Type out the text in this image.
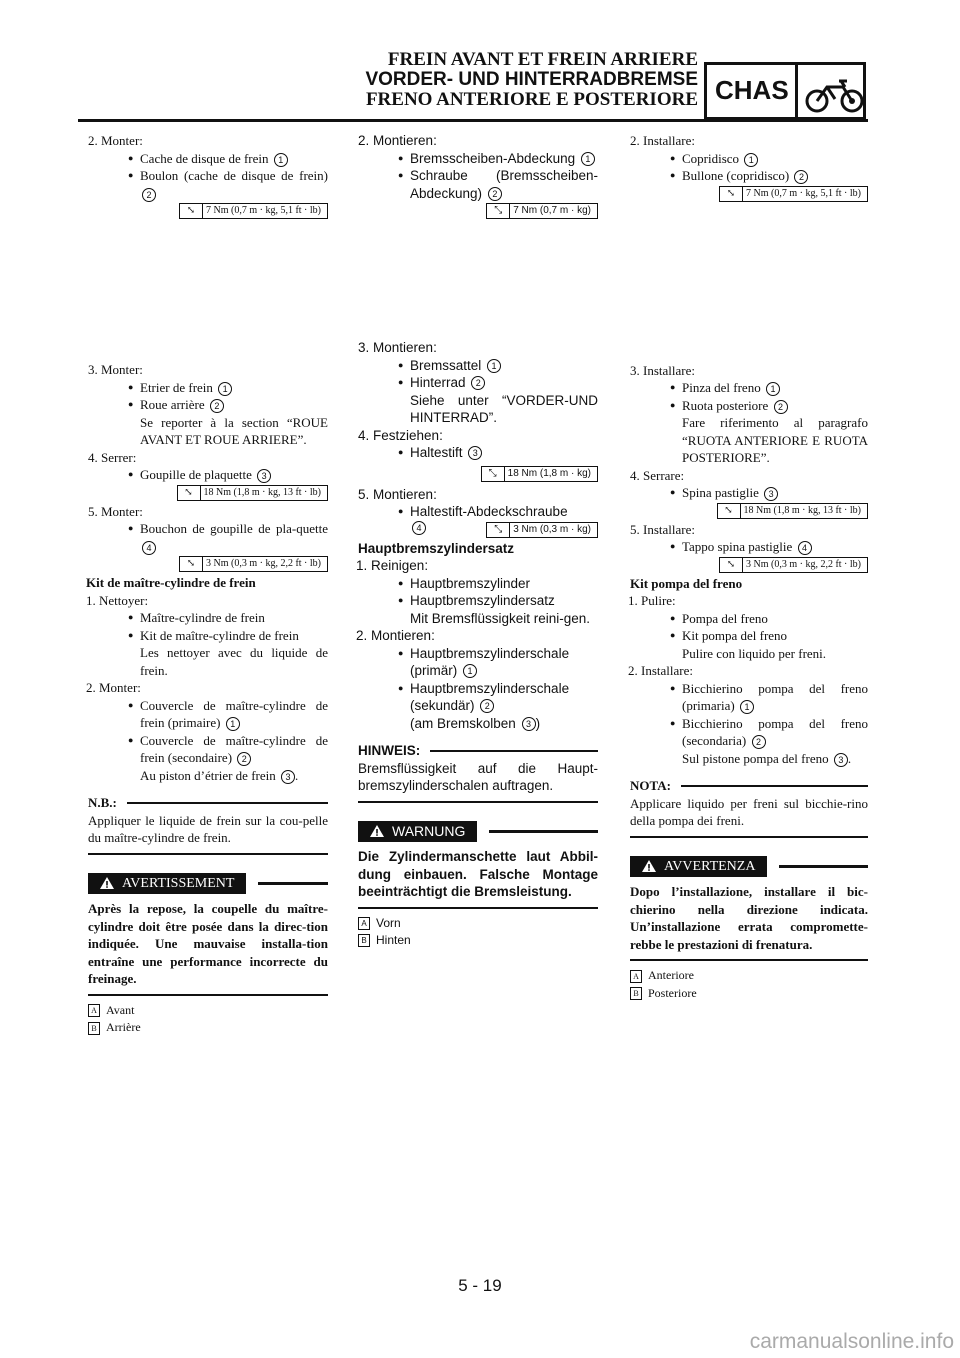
FREIN AVANT ET FREIN ARRIERE
VORDER- UND HINTERRADBREMSE
FRENO ANTERIORE E POSTERIORE CHAS
2. Monter:
● Cache de disque de frein 1
● Boulon (cache de disque de frein) 2
⤡	7 Nm (0,7 m · kg, 5,1 ft · lb)
3. Monter:
● Etrier de frein 1
● Roue arrière 2
Se reporter à la section “ROUE AVANT ET ROUE ARRIERE”.
4. Serrer:
● Goupille de plaquette 3
⤡	18 Nm (1,8 m · kg, 13 ft · lb)
5. Monter:
● Bouchon de goupille de pla-quette 4
⤡	3 Nm (0,3 m · kg, 2,2 ft · lb)
Kit de maître-cylindre de frein
1. Nettoyer:
● Maître-cylindre de frein
● Kit de maître-cylindre de frein
Les nettoyer avec du liquide de frein.
2. Monter:
● Couvercle de maître-cylindre de frein (primaire) 1
● Couvercle de maître-cylindre de frein (secondaire) 2
Au piston d’étrier de frein 3 .
N.B.:
Appliquer le liquide de frein sur la cou-pelle du maître-cylindre de frein.
AVERTISSEMENT
Après la repose, la coupelle du maître-cylindre doit être posée dans la direc-tion indiquée. Une mauvaise installa-tion entraîne une performance incorrecte du freinage.
A Avant
B Arrière
2. Montieren:
● Bremsscheiben-Abdeckung 1
● Schraube (Bremsscheiben-Abdeckung) 2
⤡	7 Nm (0,7 m · kg)
3. Montieren:
● Bremssattel 1
● Hinterrad 2
Siehe unter “VORDER-UND HINTERRAD”.
4. Festziehen:
● Haltestift 3
⤡	18 Nm (1,8 m · kg)
5. Montieren:
● Haltestift-Abdeckschraube
4	⤡	3 Nm (0,3 m · kg)
Hauptbremszylindersatz
1. Reinigen:
● Hauptbremszylinder
● Hauptbremszylindersatz
Mit Bremsflüssigkeit reini-gen.
2. Montieren:
● Hauptbremszylinderschale (primär) 1
● Hauptbremszylinderschale (sekundär) 2
(am Bremskolben 3 )
HINWEIS:
Bremsflüssigkeit auf die Haupt-bremszylinderschalen auftragen.
WARNUNG
Die Zylindermanschette laut Abbil-dung einbauen. Falsche Montage beeinträchtigt die Bremsleistung.
A Vorn
B Hinten
2. Installare:
● Copridisco 1
● Bullone (copridisco) 2
⤡	7 Nm (0,7 m · kg, 5,1 ft · lb)
3. Installare:
● Pinza del freno 1
● Ruota posteriore 2
Fare riferimento al paragrafo “RUOTA ANTERIORE E RUOTA POSTERIORE”.
4. Serrare:
● Spina pastiglie 3
⤡	18 Nm (1,8 m · kg, 13 ft · lb)
5. Installare:
● Tappo spina pastiglie 4
⤡	3 Nm (0,3 m · kg, 2,2 ft · lb)
Kit pompa del freno
1. Pulire:
● Pompa del freno
● Kit pompa del freno
Pulire con liquido per freni.
2. Installare:
● Bicchierino pompa del freno (primaria) 1
● Bicchierino pompa del freno (secondaria) 2
Sul pistone pompa del freno 3 .
NOTA:
Applicare liquido per freni sul bicchie-rino della pompa dei freni.
AVVERTENZA
Dopo l’installazione, installare il bic-chierino nella direzione indicata. Un’installazione errata compromette-rebbe le prestazioni di frenatura.
A Anteriore
B Posteriore
5 - 19
carmanualsonline.info
